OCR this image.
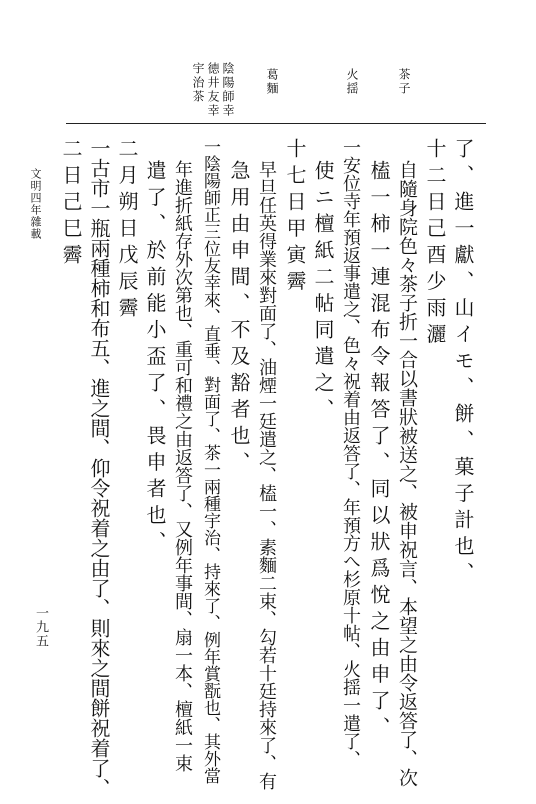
茶子
火揺
葛麵
陰陽師幸
徳井友幸
宇治茶
了、進一獻、山イモ、餅、菓子計也、
十二日己酉少雨灑
自隨身院色々茶子折一合以書狀被送之、被申祝言、本望之由令返答了、次
榼一柿一連混布令報答了、同以狀爲悅之由申了、
一安位寺年預返事遣之、色々祝着由返答了、年預方へ杉原十帖、火揺一遣了、
使ニ檀紙二帖同遣之、
十七日甲寅霽
早旦任英得業來對面了、油煙一廷遣之、榼一、素麵二束、勾若十廷持來了、有
急用由申間、不及豁者也、
一陰陽師正三位友幸來、直垂、對面了、茶一兩種宇治、持來了、例年賞翫也、其外當
年進折紙存外次第也、重可和禮之由返答了、又例年事間、扇一本、檀紙一束
遣了、於前能小盃了、畏申者也、
二月朔日戊辰霽
一古市一瓶兩種柿和布五、進之間、仰令祝着之由了、則來之間餅祝着了、
二日己巳霽
文明四年雜載
一九五
